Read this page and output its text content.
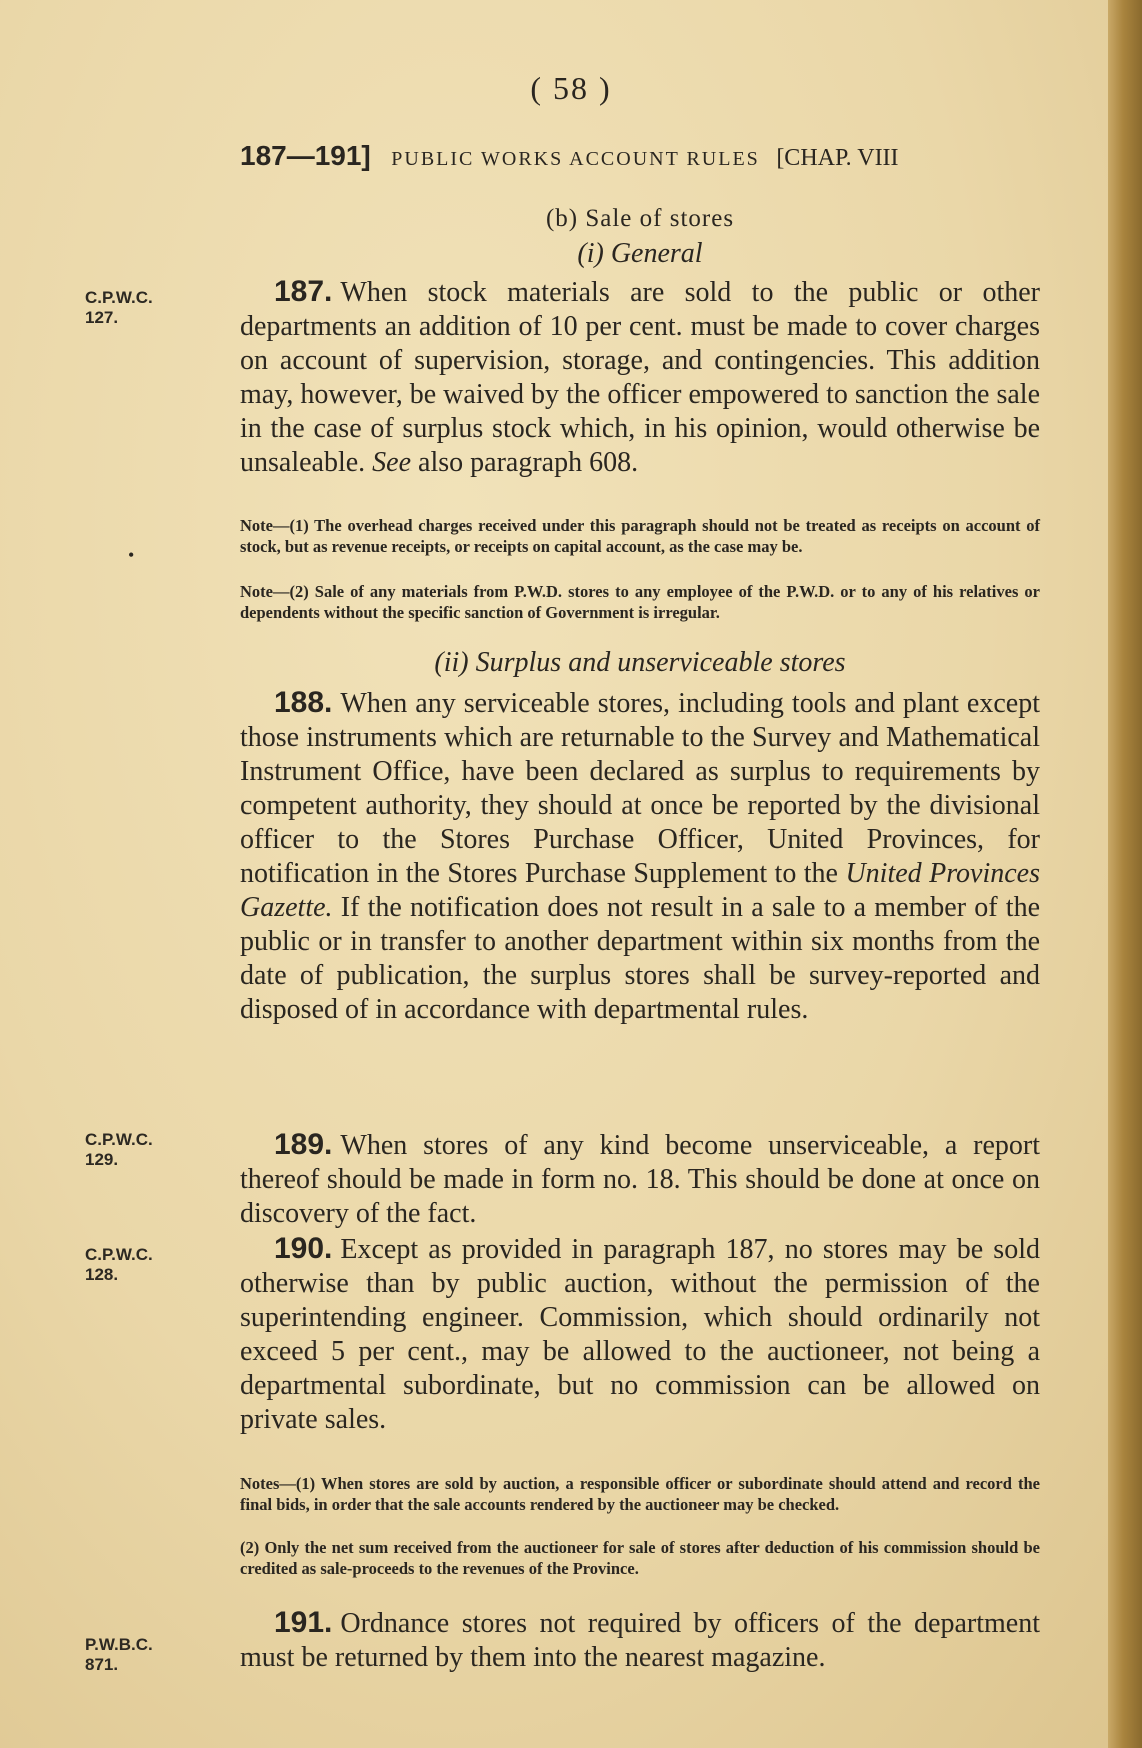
( 58 )
187—191] PUBLIC WORKS ACCOUNT RULES [CHAP. VIII
(b) Sale of stores
(i) General
C.P.W.C.
127.
•
C.P.W.C.
129.
C.P.W.C.
128.
P.W.B.C.
871.
187. When stock materials are sold to the public or other departments an addition of 10 per cent. must be made to cover charges on account of supervision, storage, and contingencies. This addition may, however, be waived by the officer empowered to sanction the sale in the case of surplus stock which, in his opinion, would otherwise be unsaleable. See also paragraph 608.
Note—(1) The overhead charges received under this paragraph should not be treated as receipts on account of stock, but as revenue receipts, or receipts on capital account, as the case may be.
Note—(2) Sale of any materials from P.W.D. stores to any employee of the P.W.D. or to any of his relatives or dependents without the specific sanction of Government is irregular.
(ii) Surplus and unserviceable stores
188. When any serviceable stores, including tools and plant except those instruments which are returnable to the Survey and Mathematical Instrument Office, have been declared as surplus to requirements by competent authority, they should at once be reported by the divisional officer to the Stores Purchase Officer, United Provinces, for notification in the Stores Purchase Supplement to the United Provinces Gazette. If the notification does not result in a sale to a member of the public or in transfer to another department within six months from the date of publication, the surplus stores shall be survey-reported and disposed of in accordance with departmental rules.
189. When stores of any kind become unserviceable, a report thereof should be made in form no. 18. This should be done at once on discovery of the fact.
190. Except as provided in paragraph 187, no stores may be sold otherwise than by public auction, without the permission of the superintending engineer. Commission, which should ordinarily not exceed 5 per cent., may be allowed to the auctioneer, not being a departmental subordinate, but no commission can be allowed on private sales.
Notes—(1) When stores are sold by auction, a responsible officer or subordinate should attend and record the final bids, in order that the sale accounts rendered by the auctioneer may be checked.
(2) Only the net sum received from the auctioneer for sale of stores after deduction of his commission should be credited as sale-proceeds to the revenues of the Province.
191. Ordnance stores not required by officers of the department must be returned by them into the nearest magazine.
